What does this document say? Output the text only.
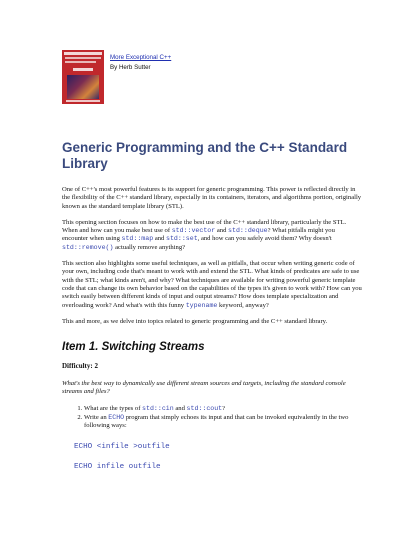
More Exceptional C++
By Herb Sutter
Generic Programming and the C++ Standard Library

One of C++'s most powerful features is its support for generic programming. This power is reflected directly in the flexibility of the C++ standard library, especially in its containers, iterators, and algorithms portion, originally known as the standard template library (STL).

This opening section focuses on how to make the best use of the C++ standard library, particularly the STL. When and how can you make best use of std::vector and std::deque? What pitfalls might you encounter when using std::map and std::set, and how can you safely avoid them? Why doesn't std::remove() actually remove anything?

This section also highlights some useful techniques, as well as pitfalls, that occur when writing generic code of your own, including code that's meant to work with and extend the STL. What kinds of predicates are safe to use with the STL; what kinds aren't, and why? What techniques are available for writing powerful generic template code that can change its own behavior based on the capabilities of the types it's given to work with? How can you switch easily between different kinds of input and output streams? How does template specialization and overloading work? And what's with this funny typename keyword, anyway?

This and more, as we delve into topics related to generic programming and the C++ standard library.

Item 1. Switching Streams
Difficulty: 2

What's the best way to dynamically use different stream sources and targets, including the standard console streams and files?

1. What are the types of std::cin and std::cout?
2. Write an ECHO program that simply echoes its input and that can be invoked equivalently in the two following ways:
ECHO <infile >outfile
ECHO infile outfile
